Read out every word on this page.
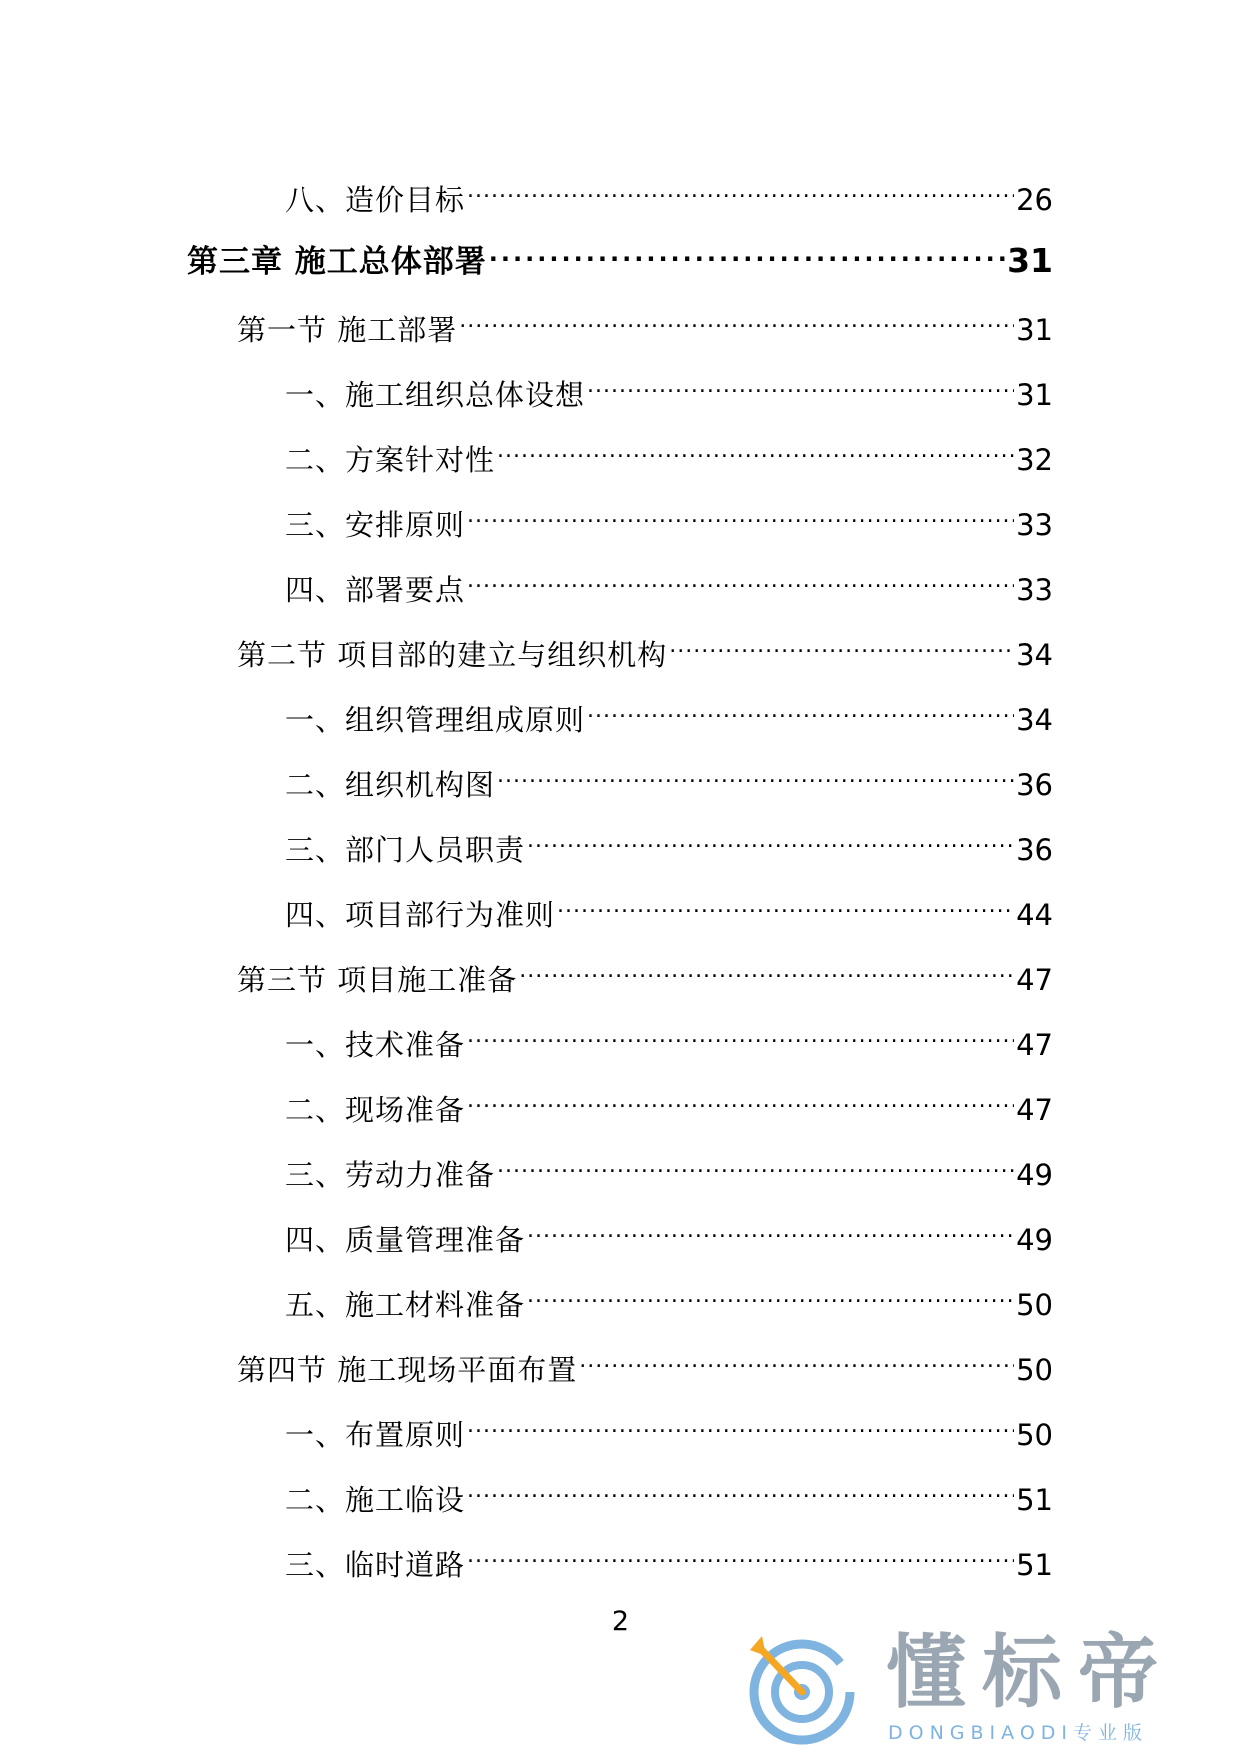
八、造价目标 .....	26
第三章 施工总体部署 .....	31
第一节 施工部署 .....	31
一、施工组织总体设想 .....	31
二、方案针对性 .....	32
三、安排原则 .....	33
四、部署要点 .....	33
第二节 项目部的建立与组织机构 .....	34
一、组织管理组成原则 .....	34
二、组织机构图 .....	36
三、部门人员职责 .....	36
四、项目部行为准则 .....	44
第三节 项目施工准备 .....	47
一、技术准备 .....	47
二、现场准备 .....	47
三、劳动力准备 .....	49
四、质量管理准备 .....	49
五、施工材料准备 .....	50
第四节 施工现场平面布置 .....	50
一、布置原则 .....	50
二、施工临设 .....	51
三、临时道路 .....	51
2
懂标帝
DONGBIAODI专业版
